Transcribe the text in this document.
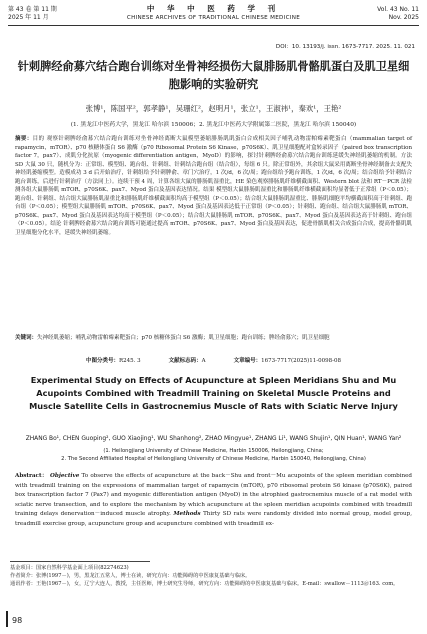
第 43 卷 第 11 期
2025 年 11 月
中 华 中 医 药 学 刊
CHINESE ARCHIVES OF TRADITIONAL CHINESE MEDICINE
Vol. 43 No. 11
Nov. 2025
DOI：10. 13193/j. issn. 1673-7717. 2025. 11. 021
针刺脾经俞募穴结合跑台训练对坐骨神经损伤大鼠腓肠肌骨骼肌蛋白及肌卫星细胞影响的实验研究
张博¹，陈国平²，郭孝静¹，吴珊红²，赵明月¹，张立¹，王淑祎¹，秦欢¹，王艳²
(1. 黑龙江中医药大学，黑龙江 哈尔滨 150006；2. 黑龙江中医药大学附属第二医院，黑龙江 哈尔滨 150040)
摘要：目的 观察针刺脾经俞募穴结合跑台训练对坐骨神经离断大鼠模型萎缩腓肠肌肌蛋白合成相关因子哺乳动物雷帕霉素靶蛋白（mammalian target of rapamycin，mTOR）、p70 核糖体蛋白 S6 激酶（p70 Ribosomal Protein S6 Kinase，p70S6K）、肌卫星细胞配对盒转录因子（paired box transcription factor 7，pax7）、成肌分化抗原（myogenic differentiation antigen，MyoD）的影响，探讨针刺脾经俞募穴结合跑台训练延缓失神经肌萎缩的机制。方法 SD 大鼠 30 只，随机分为：正常组、模型组、跑台组、针刺组、针刺结合跑台组（结合组），每组 6 只。除正常组外，其余组大鼠采用离断坐骨神经制备去支配失神经肌萎缩模型。造模成功 3 d 后开始治疗，针刺组给予针刺脾俞、章门穴治疗，1 次/d，6 次/周；跑台组给予跑台训练，1 次/d，6 次/周；结合组给予针刺结合跑台训练，后进行针刺治疗（方法同上）。连续干预 4 周，计算各组大鼠的腓肠肌湿重比，HE 染色观察腓肠肌纤维横截面积、Western blot 法和 RT－PCR 法检测各组大鼠腓肠肌 mTOR、p70S6K、pax7、Myod 蛋白及基因表达情况。结果 模型组大鼠腓肠肌湿重比和腓肠肌纤维横截面积均显著低于正常组（P＜0.05）；跑台组、针刺组、结合组大鼠腓肠肌湿重比和腓肠肌纤维横截面积均高于模型组（P＜0.05）；结合组大鼠腓肠肌湿重比、腓肠肌细胞平均横截面积高于针刺组、跑台组（P＜0.05）；模型组大鼠腓肠肌 mTOR、p70S6K、pax7、Myod 蛋白及基因表达低于正常组（P＜0.05）；针刺组、跑台组、结合组大鼠腓肠肌 mTOR、p70S6K、pax7、Myod 蛋白及基因表达均高于模型组（P＜0.05）；结合组大鼠腓肠肌 mTOR、p70S6K、pax7、Myod 蛋白及基因表达高于针刺组、跑台组（P＜0.05）。结论 针刺脾经俞募穴结合跑台训练可能通过提高 mTOR、p70S6K、pax7、Myod 蛋白及基因表达，促进骨骼肌相关合成蛋白合成，提高骨骼肌肌卫星细胞分化水平，延缓失神经肌萎缩。
关键词：失神经肌萎缩；哺乳动物雷帕霉素靶蛋白；p70 核糖体蛋白 S6 激酶；肌卫星细胞；跑台训练；脾经俞募穴；肌卫星细胞
中图分类号：R245. 3	文献标志码：A	文章编号：1673-7717(2025)11-0098-08
Experimental Study on Effects of Acupuncture at Spleen Meridians Shu and Mu Acupoints Combined with Treadmill Training on Skeletal Muscle Proteins and Muscle Satellite Cells in Gastrocnemius Muscle of Rats with Sciatic Nerve Injury
ZHANG Bo¹, CHEN Guoping², GUO Xiaojing¹, WU Shanhong², ZHAO Mingyue¹, ZHANG Li¹, WANG Shujin¹, QIN Huan¹, WANG Yan²
(1. Heilongjiang University of Chinese Medicine, Harbin 150006, Heilongjiang, China;
2. The Second Affiliated Hospital of Heilongjiang University of Chinese Medicine, Harbin 150040, Heilongjiang, China)
Abstract： Objective To observe the effects of acupuncture at the back－Shu and front－Mu acupoints of the spleen meridian combined with treadmill training on the expressions of mammalian target of rapamycin (mTOR), p70 ribosomal protein S6 kinase (p70S6K), paired box transcription factor 7 (Pax7) and myogenic differentiation antigen (MyoD) in the atrophied gastrocnemius muscle of a rat model with sciatic nerve transection, and to explore the mechanism by which acupuncture at the spleen meridian acupoints combined with treadmill training delays denervation－induced muscle atrophy. Methods Thirty SD rats were randomly divided into normal group, model group, treadmill exercise group, acupuncture group and acupuncture combined with treadmill ex-
基金项目：国家自然科学基金面上项目(82274623)
作者简介：张博(1997－)，男，黑龙江五常人，博士在读，研究方向：功能障碍的中医康复基础与临床。
通讯作者：王艳(1967－)，女，辽宁大连人，教授，主任医师，博士研究生导师，研究方向：功能障碍的中医康复基础与临床。E-mail：swallow－1113＠163. com。
98
